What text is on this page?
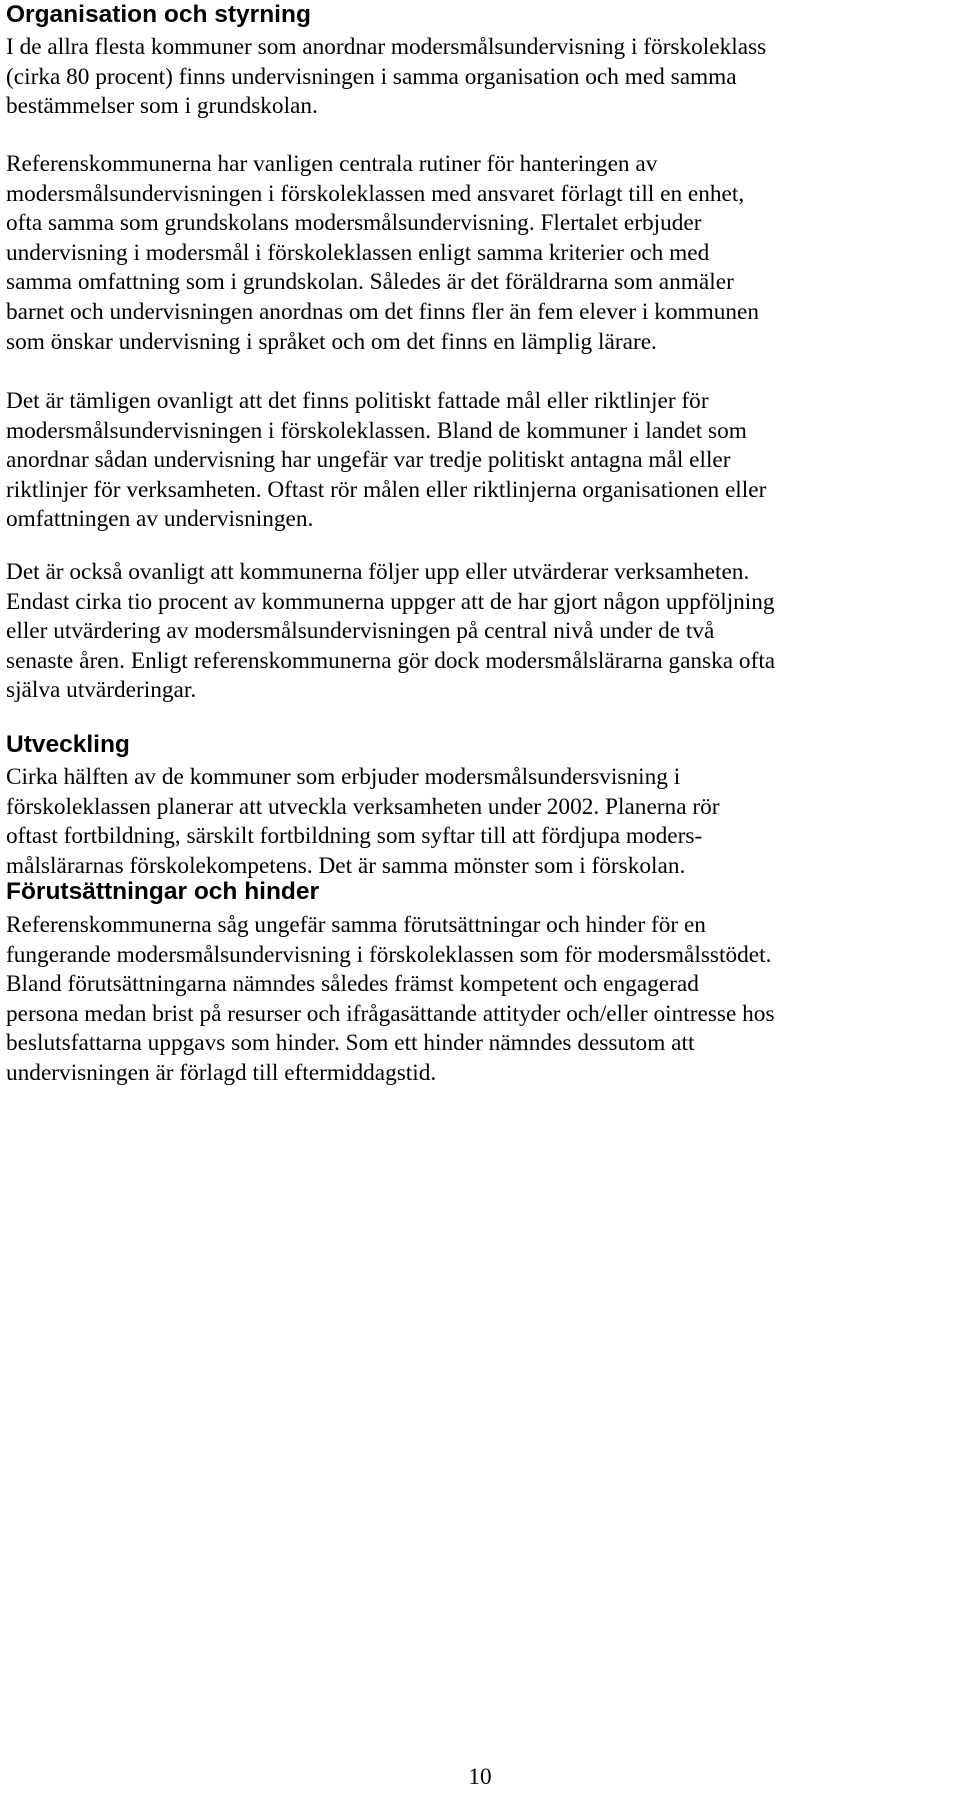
Organisation och styrning

I de allra flesta kommuner som anordnar modersmålsundervisning i förskoleklass
(cirka 80 procent) finns undervisningen i samma organisation och med samma
bestämmelser som i grundskolan.

Referenskommunerna har vanligen centrala rutiner för hanteringen av
modersmålsundervisningen i förskoleklassen med ansvaret förlagt till en enhet,
ofta samma som grundskolans modersmålsundervisning. Flertalet erbjuder
undervisning i modersmål i förskoleklassen enligt samma kriterier och med
samma omfattning som i grundskolan. Således är det föräldrarna som anmäler
barnet och undervisningen anordnas om det finns fler än fem elever i kommunen
som önskar undervisning i språket och om det finns en lämplig lärare.

Det är tämligen ovanligt att det finns politiskt fattade mål eller riktlinjer för
modersmålsundervisningen i förskoleklassen. Bland de kommuner i landet som
anordnar sådan undervisning har ungefär var tredje politiskt antagna mål eller
riktlinjer för verksamheten. Oftast rör målen eller riktlinjerna organisationen eller
omfattningen av undervisningen.

Det är också ovanligt att kommunerna följer upp eller utvärderar verksamheten.
Endast cirka tio procent av kommunerna uppger att de har gjort någon uppföljning
eller utvärdering av modersmålsundervisningen på central nivå under de två
senaste åren. Enligt referenskommunerna gör dock modersmålslärarna ganska ofta
själva utvärderingar.

Utveckling

Cirka hälften av de kommuner som erbjuder modersmålsundersvisning i
förskoleklassen planerar att utveckla verksamheten under 2002. Planerna rör
oftast fortbildning, särskilt fortbildning som syftar till att fördjupa moders-
målslärarnas förskolekompetens. Det är samma mönster som i förskolan.

Förutsättningar och hinder

Referenskommunerna såg ungefär samma förutsättningar och hinder för en
fungerande modersmålsundervisning i förskoleklassen som för modersmålsstödet.
Bland förutsättningarna nämndes således främst kompetent och engagerad
persona medan brist på resurser och ifrågasättande attityder och/eller ointresse hos
beslutsfattarna uppgavs som hinder. Som ett hinder nämndes dessutom att
undervisningen är förlagd till eftermiddagstid.

10
